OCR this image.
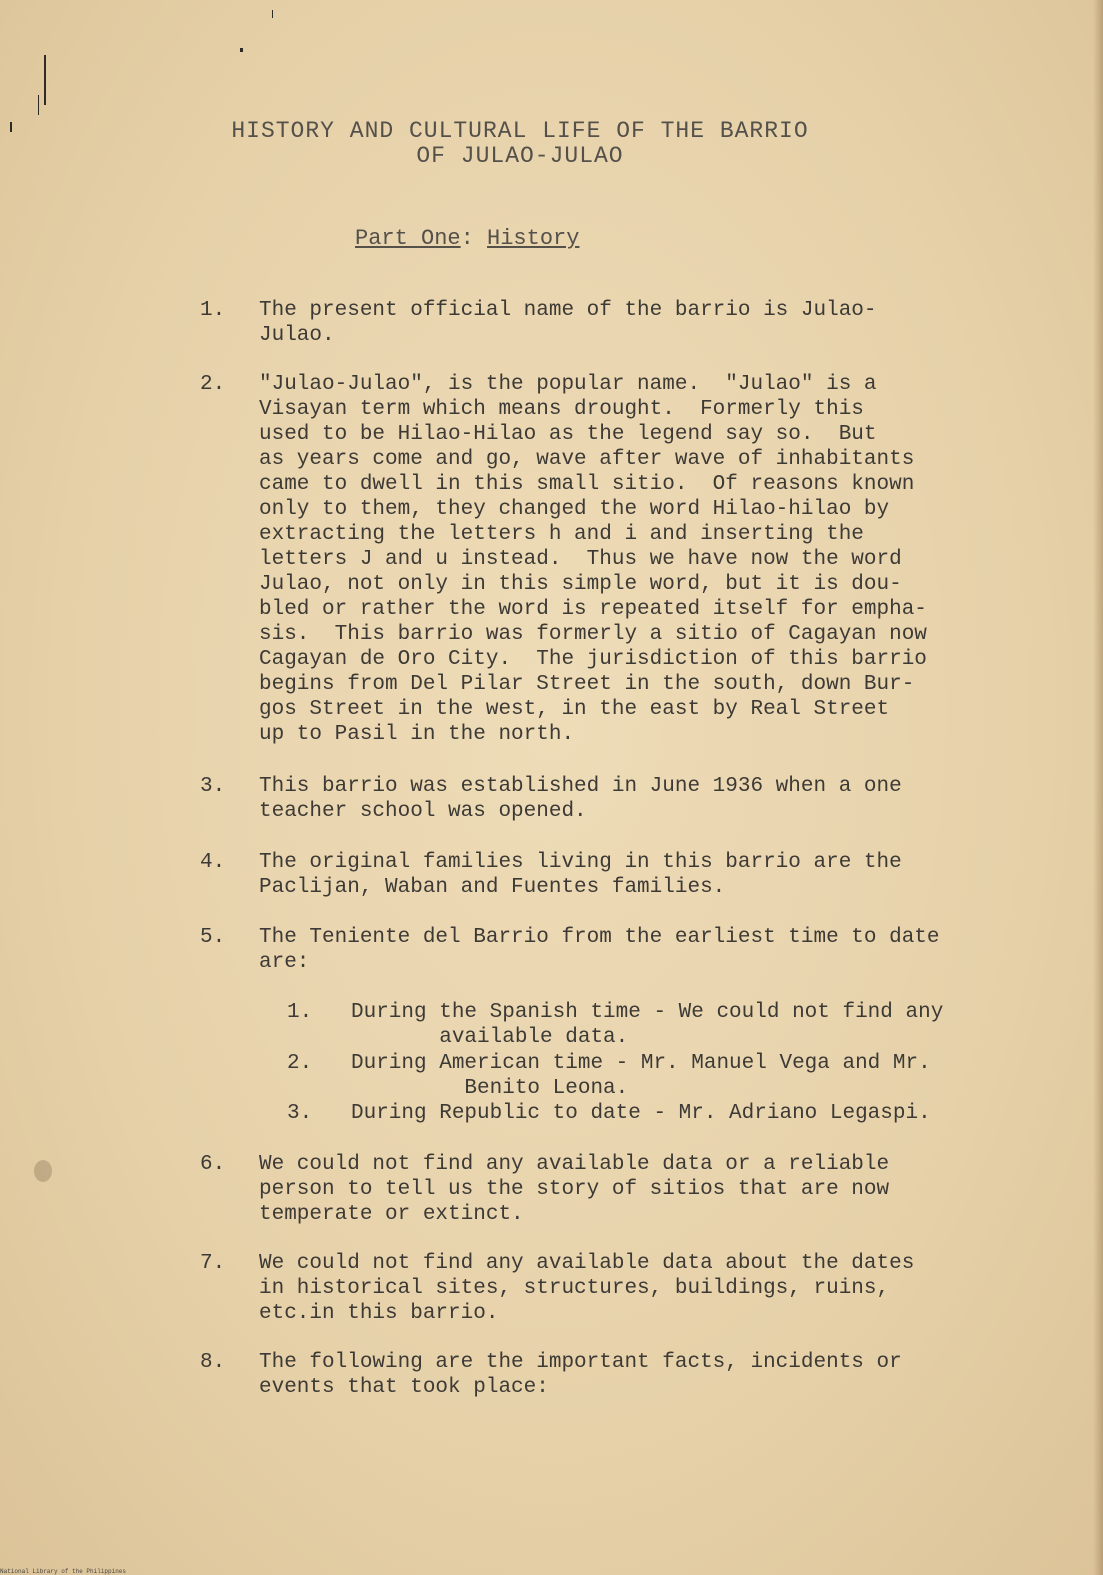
HISTORY AND CULTURAL LIFE OF THE BARRIO
OF JULAO-JULAO
Part One: History
1. The present official name of the barrio is Julao-
Julao.
2. "Julao-Julao", is the popular name.  "Julao" is a
Visayan term which means drought.  Formerly this
used to be Hilao-Hilao as the legend say so.  But
as years come and go, wave after wave of inhabitants
came to dwell in this small sitio.  Of reasons known
only to them, they changed the word Hilao-hilao by
extracting the letters h and i and inserting the
letters J and u instead.  Thus we have now the word
Julao, not only in this simple word, but it is dou-
bled or rather the word is repeated itself for empha-
sis.  This barrio was formerly a sitio of Cagayan now
Cagayan de Oro City.  The jurisdiction of this barrio
begins from Del Pilar Street in the south, down Bur-
gos Street in the west, in the east by Real Street
up to Pasil in the north.
3. This barrio was established in June 1936 when a one
teacher school was opened.
4. The original families living in this barrio are the
Paclijan, Waban and Fuentes families.
5. The Teniente del Barrio from the earliest time to date
are:
1. During the Spanish time - We could not find any
available data.
2. During American time - Mr. Manuel Vega and Mr.
Benito Leona.
3. During Republic to date - Mr. Adriano Legaspi.
6. We could not find any available data or a reliable
person to tell us the story of sitios that are now
temperate or extinct.
7. We could not find any available data about the dates
in historical sites, structures, buildings, ruins,
etc.in this barrio.
8. The following are the important facts, incidents or
events that took place:
National Library of the Philippines
